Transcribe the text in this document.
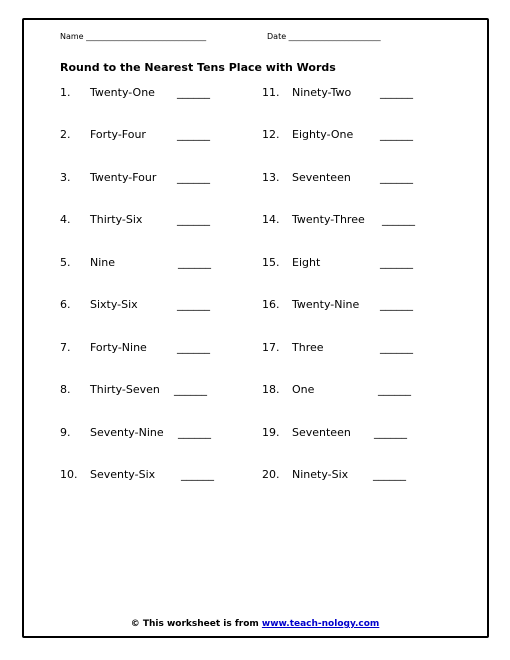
Name ______________________________	Date _______________________
Round to the Nearest Tens Place with Words
1. Twenty-One ______
2. Forty-Four	______
3. Twenty-Four ______
4. Thirty-Six	______
5. Nine	______
6. Sixty-Six	______
7. Forty-Nine	______
8. Thirty-Seven ______
9. Seventy-Nine ______
10. Seventy-Six ______
11. Ninety-Two	______
12. Eighty-One ______
13. Seventeen	______
14. Twenty-Three ______
15. Eight	______
16. Twenty-Nine ______
17. Three	______
18. One	______
19. Seventeen ______
20. Ninety-Six ______
© This worksheet is from www.teach-nology.com
